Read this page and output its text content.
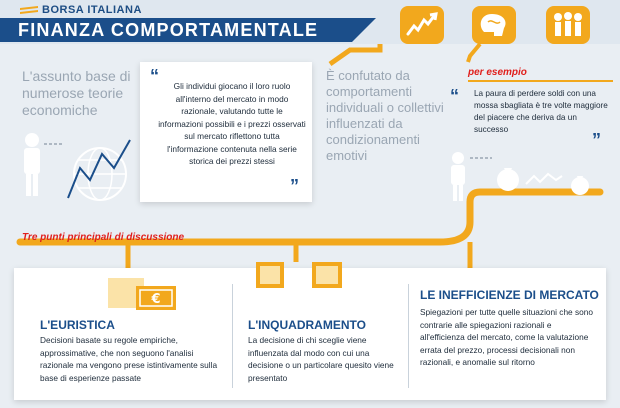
BORSA ITALIANA
FINANZA COMPORTAMENTALE
L'assunto base di numerose teorie economiche
“	Gli individui giocano il loro ruolo all'interno del mercato in modo razionale, valutando tutte le informazioni possibili e i prezzi osservati sul mercato riflettono tutta l'informazione contenuta nella serie storica dei prezzi stessi
”
È confutato da comportamenti individuali o collettivi influenzati da condizionamenti emotivi
per esempio
“ La paura di perdere soldi con una mossa sbagliata è tre volte maggiore del piacere che deriva da un successo
”
Tre punti principali di discussione
€
L'EURISTICA
Decisioni basate su regole empiriche, approssimative, che non seguono l'analisi razionale ma vengono prese istintivamente sulla base di esperienze passate
L'INQUADRAMENTO
La decisione di chi sceglie viene influenzata dal modo con cui una decisione o un particolare quesito viene presentato
LE INEFFICIENZE DI MERCATO
Spiegazioni per tutte quelle situazioni che sono contrarie alle spiegazioni razionali e all'efficienza del mercato, come la valutazione errata del prezzo, processi decisionali non razionali, e anomalie sul ritorno
